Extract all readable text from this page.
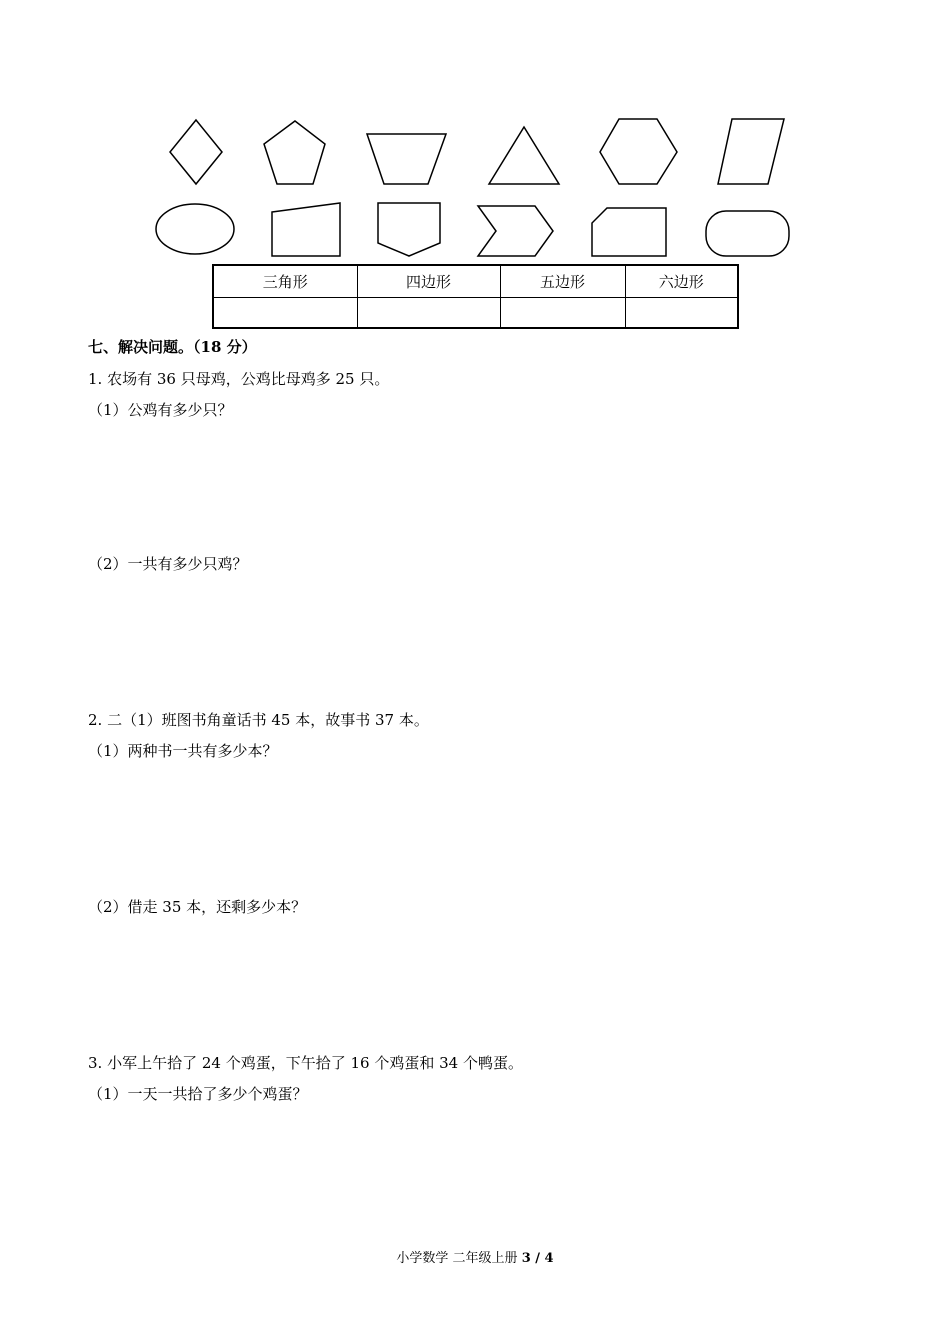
三角形	四边形	五边形	六边形

七、解决问题。（18 分）
1. 农场有 36 只母鸡，公鸡比母鸡多 25 只。
（1）公鸡有多少只？
（2）一共有多少只鸡？
2. 二（1）班图书角童话书 45 本，故事书 37 本。
（1）两种书一共有多少本？
（2）借走 35 本，还剩多少本？
3. 小军上午拾了 24 个鸡蛋，下午拾了 16 个鸡蛋和 34 个鸭蛋。
（1）一天一共拾了多少个鸡蛋？
小学数学 二年级上册 3 / 4
